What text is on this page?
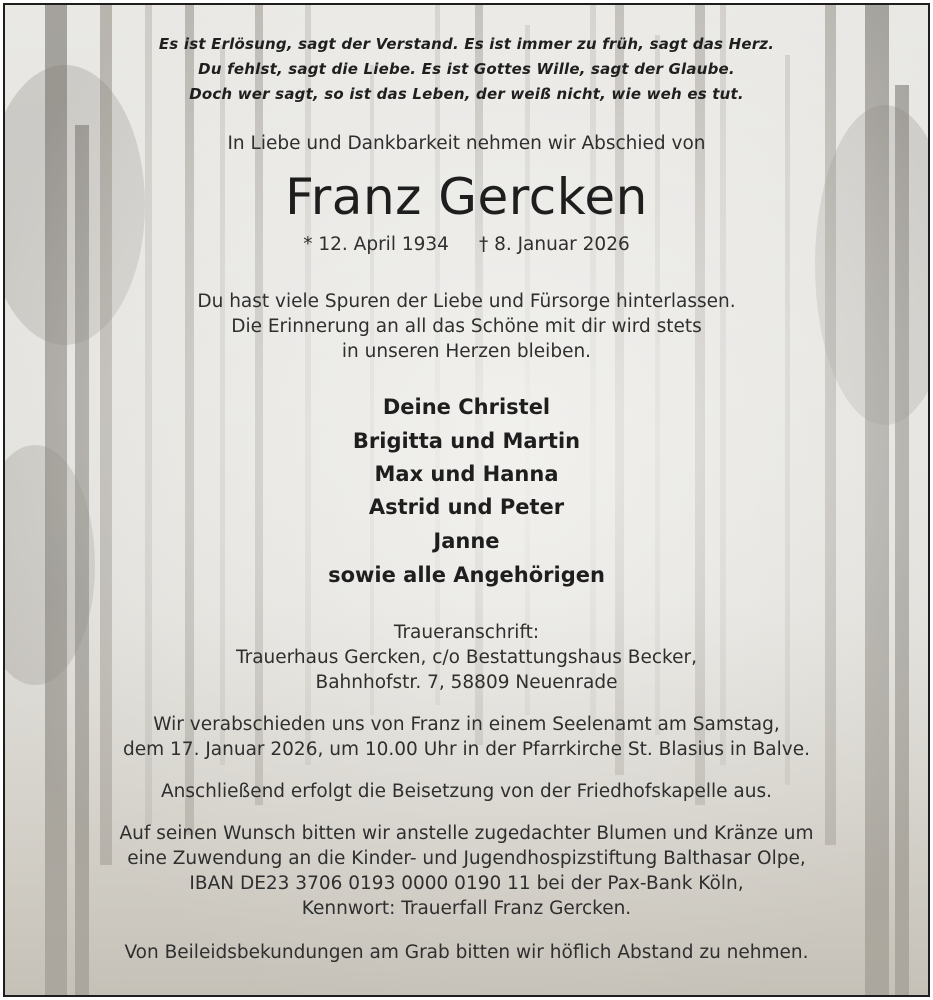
Es ist Erlösung, sagt der Verstand. Es ist immer zu früh, sagt das Herz.

Du fehlst, sagt die Liebe. Es ist Gottes Wille, sagt der Glaube.

Doch wer sagt, so ist das Leben, der weiß nicht, wie weh es tut.

In Liebe und Dankbarkeit nehmen wir Abschied von

Franz Gercken

* 12. April 1934 † 8. Januar 2026

Du hast viele Spuren der Liebe und Fürsorge hinterlassen.

Die Erinnerung an all das Schöne mit dir wird stets

in unseren Herzen bleiben.

Deine Christel

Brigitta und Martin

Max und Hanna

Astrid und Peter

Janne

sowie alle Angehörigen

Traueranschrift:

Trauerhaus Gercken, c/o Bestattungshaus Becker,

Bahnhofstr. 7, 58809 Neuenrade

Wir verabschieden uns von Franz in einem Seelenamt am Samstag,

dem 17. Januar 2026, um 10.00 Uhr in der Pfarrkirche St. Blasius in Balve.

Anschließend erfolgt die Beisetzung von der Friedhofskapelle aus.

Auf seinen Wunsch bitten wir anstelle zugedachter Blumen und Kränze um

eine Zuwendung an die Kinder- und Jugendhospizstiftung Balthasar Olpe,

IBAN DE23 3706 0193 0000 0190 11 bei der Pax-Bank Köln,

Kennwort: Trauerfall Franz Gercken.

Von Beileidsbekundungen am Grab bitten wir höflich Abstand zu nehmen.
